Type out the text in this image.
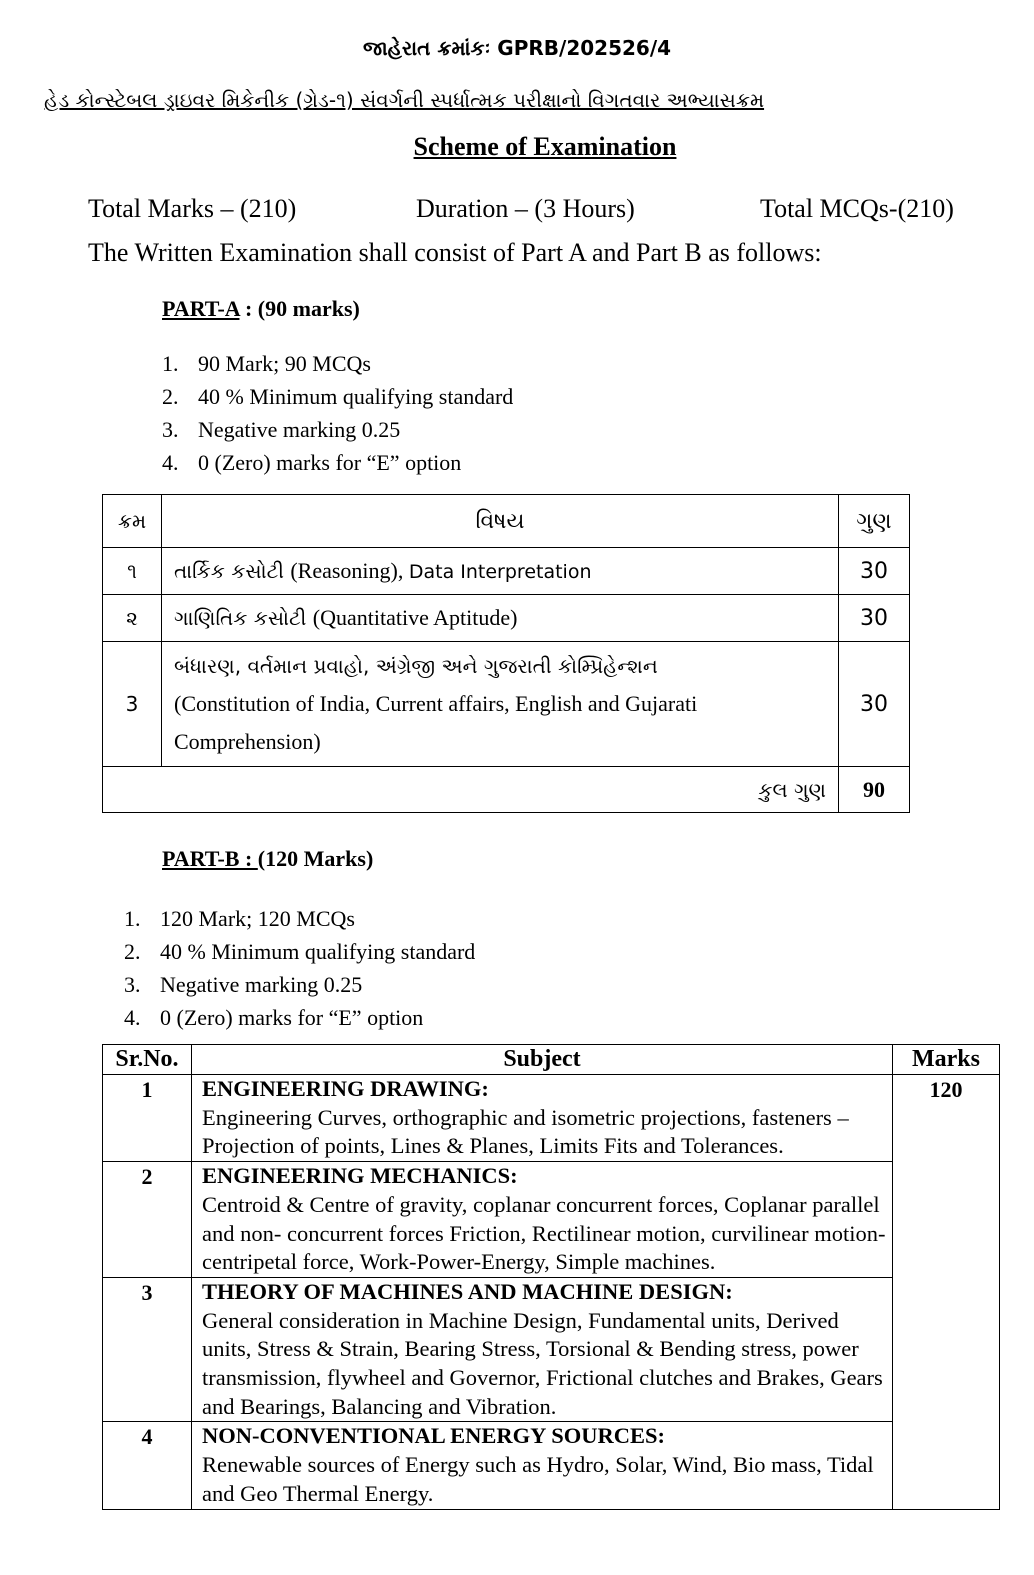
જાહેરાત ક્રમાંકઃ GPRB/202526/4
હેડ કોન્સ્ટેબલ ડ્રાઇવર મિકેનીક (ગ્રેડ-૧) સંવર્ગની સ્પર્ધાત્મક પરીક્ષાનો વિગતવાર અભ્યાસક્રમ
Scheme of Examination
Total Marks – (210)	Duration – (3 Hours)	Total MCQs-(210)
The Written Examination shall consist of Part A and Part B as follows:
PART-A : (90 marks)
1. 90 Mark; 90 MCQs
2. 40 % Minimum qualifying standard
3. Negative marking 0.25
4. 0 (Zero) marks for “E” option
ક્રમ	વિષય	ગુણ
૧	તાર્કિક કસોટી (Reasoning), Data Interpretation	30
૨	ગાણિતિક કસોટી (Quantitative Aptitude)	30
3	બંધારણ, વર્તમાન પ્રવાહો, અંગ્રેજી અને ગુજરાતી કોમ્પ્રિહેન્શન
(Constitution of India, Current affairs, English and Gujarati
Comprehension)	30
કુલ ગુણ		90
PART-B : (120 Marks)
1. 120 Mark; 120 MCQs
2. 40 % Minimum qualifying standard
3. Negative marking 0.25
4. 0 (Zero) marks for “E” option
Sr.No.	Subject	Marks
1	ENGINEERING DRAWING:
Engineering Curves, orthographic and isometric projections, fasteners – Projection of points, Lines & Planes, Limits Fits and Tolerances.	120
2	ENGINEERING MECHANICS:
Centroid & Centre of gravity, coplanar concurrent forces, Coplanar parallel and non- concurrent forces Friction, Rectilinear motion, curvilinear motion- centripetal force, Work-Power-Energy, Simple machines.	

3	THEORY OF MACHINES AND MACHINE DESIGN:
General consideration in Machine Design, Fundamental units, Derived units, Stress & Strain, Bearing Stress, Torsional & Bending stress, power transmission, flywheel and Governor, Frictional clutches and Brakes, Gears and Bearings, Balancing and Vibration.	

4	NON-CONVENTIONAL ENERGY SOURCES:
Renewable sources of Energy such as Hydro, Solar, Wind, Bio mass, Tidal and Geo Thermal Energy.	
